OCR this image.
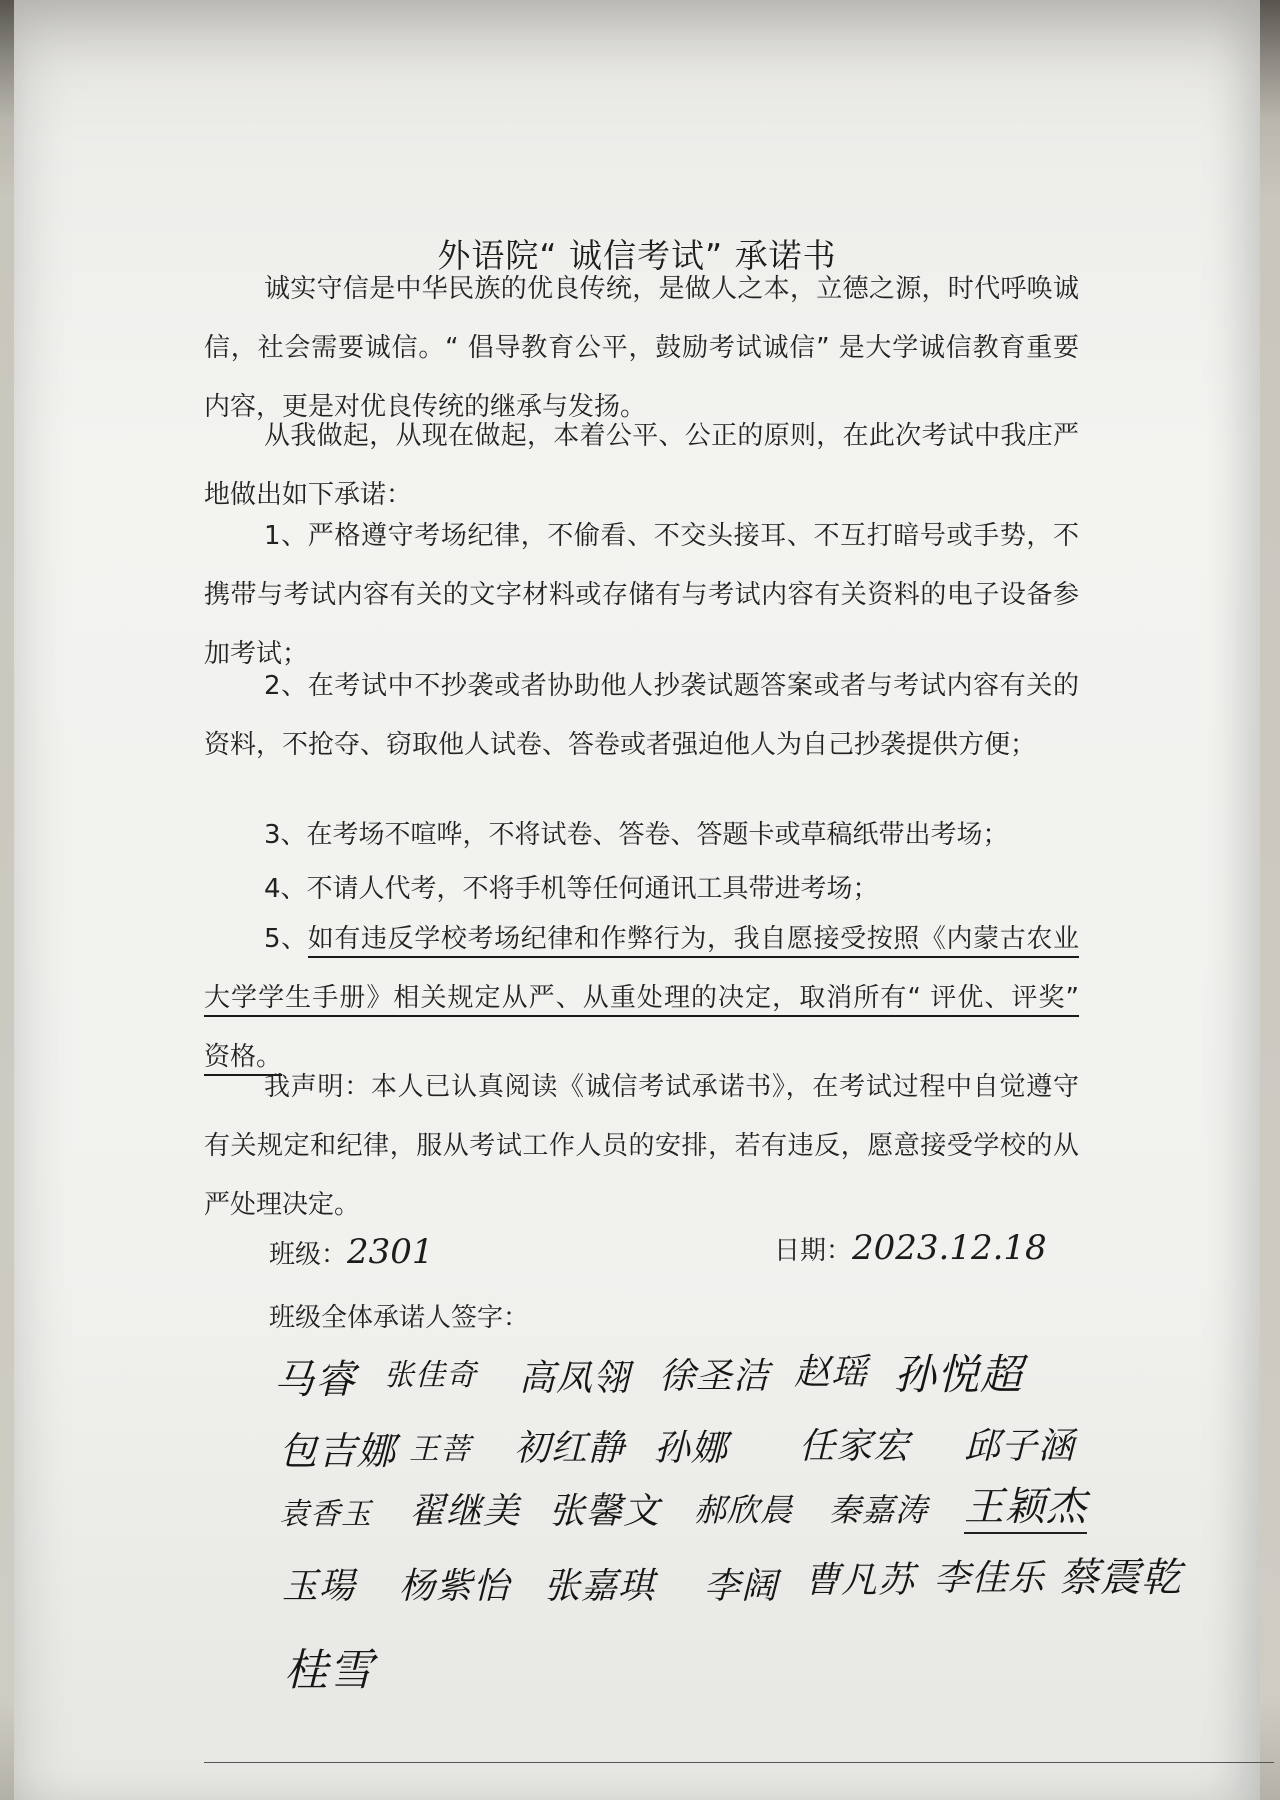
外语院“ 诚信考试” 承诺书
诚实守信是中华民族的优良传统，是做人之本，立德之源，时代呼唤诚信，社会需要诚信。“ 倡导教育公平，鼓励考试诚信” 是大学诚信教育重要内容，更是对优良传统的继承与发扬。
从我做起，从现在做起，本着公平、公正的原则，在此次考试中我庄严地做出如下承诺：
1、严格遵守考场纪律，不偷看、不交头接耳、不互打暗号或手势，不携带与考试内容有关的文字材料或存储有与考试内容有关资料的电子设备参加考试；
2、在考试中不抄袭或者协助他人抄袭试题答案或者与考试内容有关的资料，不抢夺、窃取他人试卷、答卷或者强迫他人为自己抄袭提供方便；
3、在考场不喧哗，不将试卷、答卷、答题卡或草稿纸带出考场；
4、不请人代考，不将手机等任何通讯工具带进考场；
5、如有违反学校考场纪律和作弊行为，我自愿接受按照《内蒙古农业大学学生手册》相关规定从严、从重处理的决定，取消所有“ 评优、评奖” 资格。
我声明：本人已认真阅读《诚信考试承诺书》，在考试过程中自觉遵守有关规定和纪律，服从考试工作人员的安排，若有违反，愿意接受学校的从严处理决定。
班级：2301	日期：2023.12.18
班级全体承诺人签字：
马睿 张佳奇 高凤翎 徐圣洁 赵瑶 孙悦超
包吉娜 王菩 初红静 孙娜 任家宏 邱子涵
袁香玉 翟继美 张馨文 郝欣晨 秦嘉涛 王颖杰
玉瑒 杨紫怡 张嘉琪 李阔 曹凡苏 李佳乐 蔡震乾
桂雪
